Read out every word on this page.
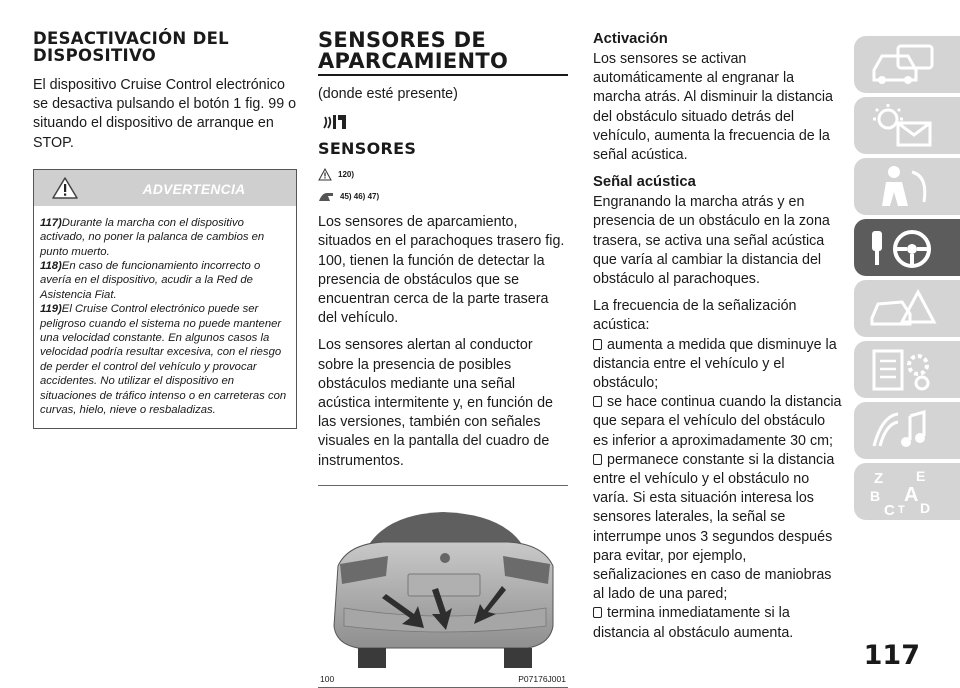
DESACTIVACIÓN DEL DISPOSITIVO
El dispositivo Cruise Control electrónico se desactiva pulsando el botón 1 fig. 99 o situando el dispositivo de arranque en STOP.
ADVERTENCIA
117)Durante la marcha con el dispositivo activado, no poner la palanca de cambios en punto muerto.
118)En caso de funcionamiento incorrecto o avería en el dispositivo, acudir a la Red de Asistencia Fiat.
119)El Cruise Control electrónico puede ser peligroso cuando el sistema no puede mantener una velocidad constante. En algunos casos la velocidad podría resultar excesiva, con el riesgo de perder el control del vehículo y provocar accidentes. No utilizar el dispositivo en situaciones de tráfico intenso o en carreteras con curvas, hielo, nieve o resbaladizas.
SENSORES DE APARCAMIENTO
(donde esté presente)
SENSORES
120)
45) 46) 47)
Los sensores de aparcamiento, situados en el parachoques trasero fig. 100, tienen la función de detectar la presencia de obstáculos que se encuentran cerca de la parte trasera del vehículo.
Los sensores alertan al conductor sobre la presencia de posibles obstáculos mediante una señal acústica intermitente y, en función de las versiones, también con señales visuales en la pantalla del cuadro de instrumentos.
100	P07176J001
Activación
Los sensores se activan automáticamente al engranar la marcha atrás. Al disminuir la distancia del obstáculo situado detrás del vehículo, aumenta la frecuencia de la señal acústica.
Señal acústica
Engranando la marcha atrás y en presencia de un obstáculo en la zona trasera, se activa una señal acústica que varía al cambiar la distancia del obstáculo al parachoques.
La frecuencia de la señalización acústica:
aumenta a medida que disminuye la distancia entre el vehículo y el obstáculo;
se hace continua cuando la distancia que separa el vehículo del obstáculo es inferior a aproximadamente 30 cm;
permanece constante si la distancia entre el vehículo y el obstáculo no varía. Si esta situación interesa los sensores laterales, la señal se interrumpe unos 3 segundos después para evitar, por ejemplo, señalizaciones en caso de maniobras al lado de una pared;
termina inmediatamente si la distancia al obstáculo aumenta.
Z E
B A
C T D
117
